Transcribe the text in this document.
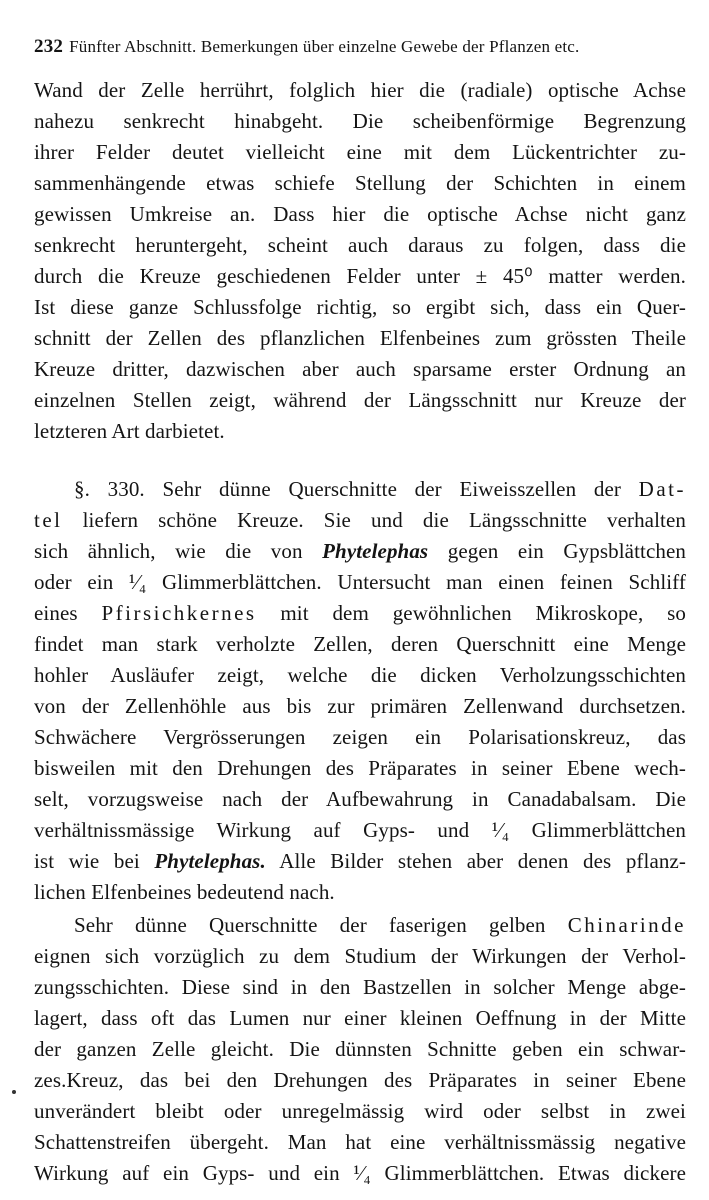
232 Fünfter Abschnitt. Bemerkungen über einzelne Gewebe der Pflanzen etc.
Wand der Zelle herrührt, folglich hier die (radiale) optische Achse
nahezu senkrecht hinabgeht. Die scheibenförmige Begrenzung
ihrer Felder deutet vielleicht eine mit dem Lückentrichter zu-
sammenhängende etwas schiefe Stellung der Schichten in einem
gewissen Umkreise an. Dass hier die optische Achse nicht ganz
senkrecht heruntergeht, scheint auch daraus zu folgen, dass die
durch die Kreuze geschiedenen Felder unter ± 45⁰ matter werden.
Ist diese ganze Schlussfolge richtig, so ergibt sich, dass ein Quer-
schnitt der Zellen des pflanzlichen Elfenbeines zum grössten Theile
Kreuze dritter, dazwischen aber auch sparsame erster Ordnung an
einzelnen Stellen zeigt, während der Längsschnitt nur Kreuze der
letzteren Art darbietet.
§. 330. Sehr dünne Querschnitte der Eiweisszellen der Dat-
tel liefern schöne Kreuze. Sie und die Längsschnitte verhalten
sich ähnlich, wie die von Phytelephas gegen ein Gypsblättchen
oder ein ¹⁄₄ Glimmerblättchen. Untersucht man einen feinen Schliff
eines Pfirsichkernes mit dem gewöhnlichen Mikroskope, so
findet man stark verholzte Zellen, deren Querschnitt eine Menge
hohler Ausläufer zeigt, welche die dicken Verholzungsschichten
von der Zellenhöhle aus bis zur primären Zellenwand durchsetzen.
Schwächere Vergrösserungen zeigen ein Polarisationskreuz, das
bisweilen mit den Drehungen des Präparates in seiner Ebene wech-
selt, vorzugsweise nach der Aufbewahrung in Canadabalsam. Die
verhältnissmässige Wirkung auf Gyps- und ¹⁄₄ Glimmerblättchen
ist wie bei Phytelephas. Alle Bilder stehen aber denen des pflanz-
lichen Elfenbeines bedeutend nach.
Sehr dünne Querschnitte der faserigen gelben Chinarinde
eignen sich vorzüglich zu dem Studium der Wirkungen der Verhol-
zungsschichten. Diese sind in den Bastzellen in solcher Menge abge-
lagert, dass oft das Lumen nur einer kleinen Oeffnung in der Mitte
der ganzen Zelle gleicht. Die dünnsten Schnitte geben ein schwar-
zes.Kreuz, das bei den Drehungen des Präparates in seiner Ebene
unverändert bleibt oder unregelmässig wird oder selbst in zwei
Schattenstreifen übergeht. Man hat eine verhältnissmässig negative
Wirkung auf ein Gyps- und ein ¹⁄₄ Glimmerblättchen. Etwas dickere
